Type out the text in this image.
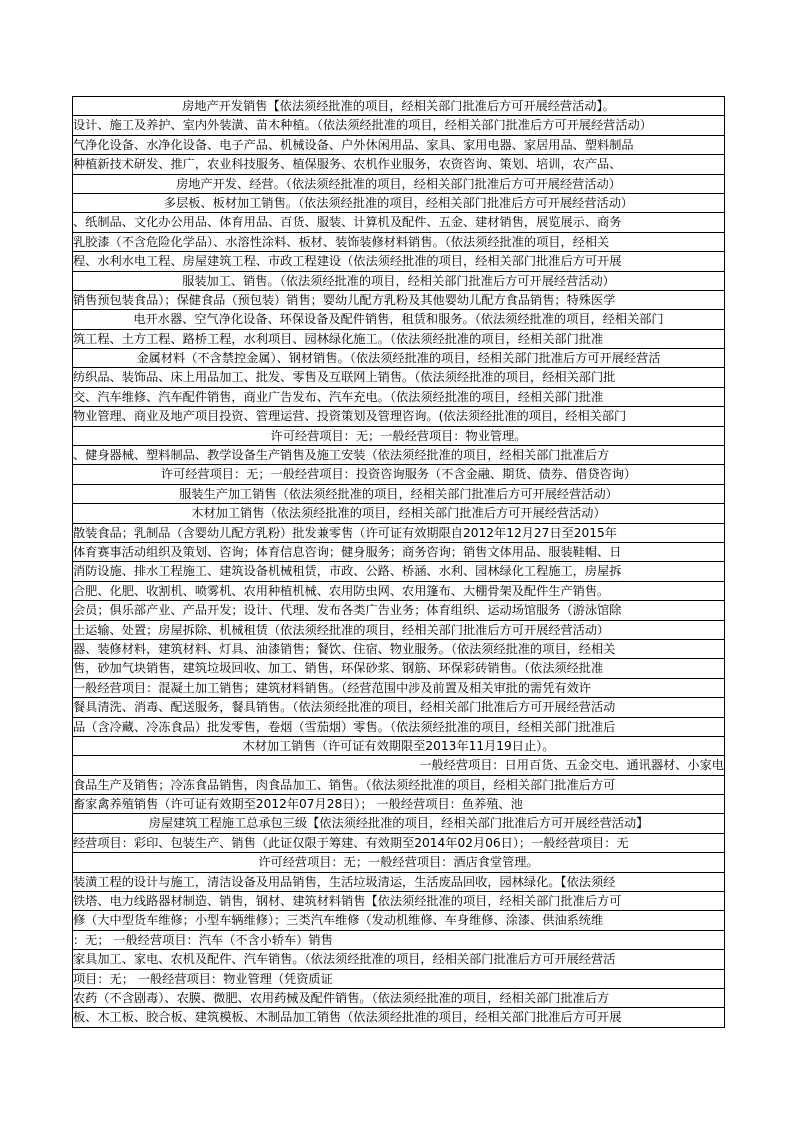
房地产开发销售【依法须经批准的项目，经相关部门批准后方可开展经营活动】。
设计、施工及养护、室内外装潢、苗木种植。（依法须经批准的项目，经相关部门批准后方可开展经营活动）
气净化设备、水净化设备、电子产品、机械设备、户外休闲用品、家具、家用电器、家居用品、塑料制品
种植新技术研发、推广，农业科技服务、植保服务、农机作业服务，农资咨询、策划、培训，农产品、
房地产开发、经营。（依法须经批准的项目，经相关部门批准后方可开展经营活动）
多层板、板材加工销售。（依法须经批准的项目，经相关部门批准后方可开展经营活动）
、纸制品、文化办公用品、体育用品、百货、服装、计算机及配件、五金、建材销售，展览展示、商务
乳胶漆（不含危险化学品）、水溶性涂料、板材、装饰装修材料销售。（依法须经批准的项目，经相关
程、水利水电工程、房屋建筑工程、市政工程建设（依法须经批准的项目，经相关部门批准后方可开展
服装加工、销售。（依法须经批准的项目，经相关部门批准后方可开展经营活动）
销售预包装食品）；保健食品（预包装）销售；婴幼儿配方乳粉及其他婴幼儿配方食品销售；特殊医学
电开水器、空气净化设备、环保设备及配件销售，租赁和服务。（依法须经批准的项目，经相关部门
筑工程、土方工程、路桥工程，水利项目、园林绿化施工。（依法须经批准的项目，经相关部门批准
金属材料（不含禁控金属）、钢材销售。（依法须经批准的项目，经相关部门批准后方可开展经营活
纺织品、装饰品、床上用品加工、批发、零售及互联网上销售。（依法须经批准的项目，经相关部门批
交、汽车维修、汽车配件销售，商业广告发布、汽车充电。（依法须经批准的项目，经相关部门批准
物业管理、商业及地产项目投资、管理运营、投资策划及管理咨询。(依法须经批准的项目，经相关部门
许可经营项目：无；一般经营项目：物业管理。
、健身器械、塑料制品、教学设备生产销售及施工安装（依法须经批准的项目，经相关部门批准后方
许可经营项目：无；一般经营项目：投资咨询服务（不含金融、期货、债券、借贷咨询）
服装生产加工销售（依法须经批准的项目，经相关部门批准后方可开展经营活动）
木材加工销售（依法须经批准的项目，经相关部门批准后方可开展经营活动）
散装食品；乳制品（含婴幼儿配方乳粉）批发兼零售（许可证有效期限自2012年12月27日至2015年
体育赛事活动组织及策划、咨询；体育信息咨询；健身服务；商务咨询；销售文体用品、服装鞋帽、日
消防设施、排水工程施工、建筑设备机械租赁，市政、公路、桥涵、水利、园林绿化工程施工，房屋拆
合肥、化肥、收割机、喷雾机、农用种植机械、农用防虫网、农用篷布、大棚骨架及配件生产销售。
会员；俱乐部产业、产品开发；设计、代理、发布各类广告业务；体育组织、运动场馆服务（游泳馆除
土运输、处置；房屋拆除、机械租赁（依法须经批准的项目，经相关部门批准后方可开展经营活动）
器、装修材料，建筑材料、灯具、油漆销售；餐饮、住宿、物业服务。（依法须经批准的项目，经相关
售，砂加气块销售，建筑垃圾回收、加工、销售，环保砂浆、钢筋、环保彩砖销售。（依法须经批准
一般经营项目：混凝土加工销售；建筑材料销售。（经营范围中涉及前置及相关审批的需凭有效许
餐具清洗、消毒、配送服务，餐具销售。（依法须经批准的项目，经相关部门批准后方可开展经营活动
品（含冷藏、冷冻食品）批发零售，卷烟（雪茄烟）零售。（依法须经批准的项目，经相关部门批准后
木材加工销售（许可证有效期限至2013年11月19日止）。
一般经营项目：日用百货、五金交电、通讯器材、小家电
食品生产及销售；冷冻食品销售，肉食品加工、销售。（依法须经批准的项目，经相关部门批准后方可
畜家禽养殖销售（许可证有效期至2012年07月28日）； 一般经营项目：鱼养殖、池
房屋建筑工程施工总承包三级【依法须经批准的项目，经相关部门批准后方可开展经营活动】
经营项目：彩印、包装生产、销售（此证仅限于筹建、有效期至2014年02月06日）；一般经营项目：无
许可经营项目：无；一般经营项目：酒店食堂管理。
装潢工程的设计与施工，清洁设备及用品销售，生活垃圾清运，生活废品回收，园林绿化。【依法须经
铁塔、电力线路器材制造、销售，钢材、建筑材料销售【依法须经批准的项目，经相关部门批准后方可
修（大中型货车维修；小型车辆维修）；三类汽车维修（发动机维修、车身维修、涂漆、供油系统维
：无； 一般经营项目：汽车（不含小轿车）销售
家具加工、家电、农机及配件、汽车销售。（依法须经批准的项目，经相关部门批准后方可开展经营活
项目：无； 一般经营项目：物业管理（凭资质证
农药（不含剧毒）、农膜、微肥、农用药械及配件销售。（依法须经批准的项目，经相关部门批准后方
板、木工板、胶合板、建筑模板、木制品加工销售（依法须经批准的项目，经相关部门批准后方可开展
